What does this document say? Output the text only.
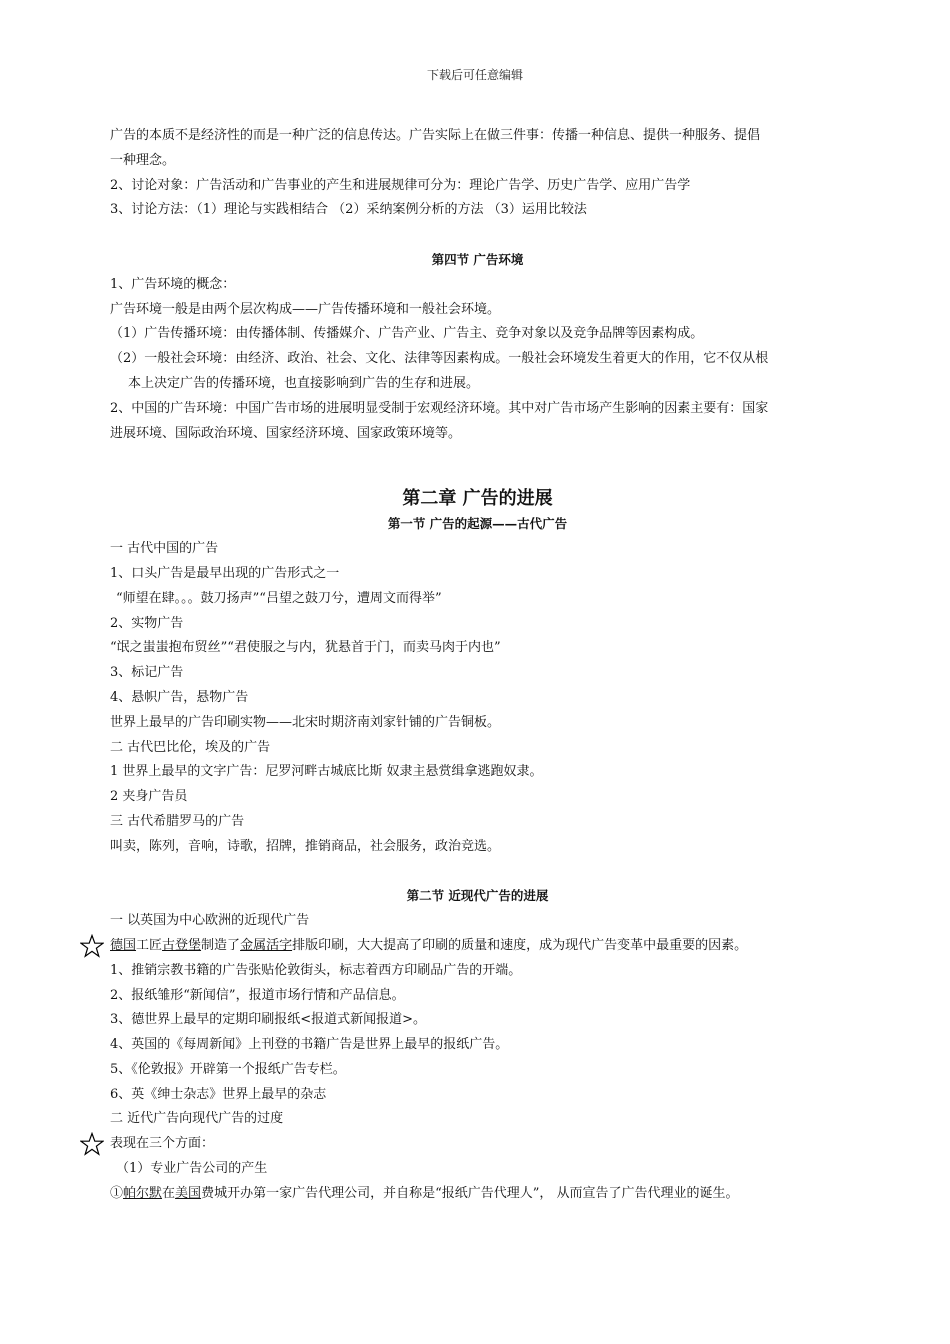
下载后可任意编辑

广告的本质不是经济性的而是一种广泛的信息传达。广告实际上在做三件事：传播一种信息、提供一种服务、提倡

一种理念。

2、讨论对象：广告活动和广告事业的产生和进展规律可分为：理论广告学、历史广告学、应用广告学

3、讨论方法：（1）理论与实践相结合 （2）采纳案例分析的方法 （3）运用比较法

第四节 广告环境

1、广告环境的概念：

广告环境一般是由两个层次构成——广告传播环境和一般社会环境。

（1）广告传播环境：由传播体制、传播媒介、广告产业、广告主、竞争对象以及竞争品牌等因素构成。

（2）一般社会环境：由经济、政治、社会、文化、法律等因素构成。一般社会环境发生着更大的作用，它不仅从根

本上决定广告的传播环境，也直接影响到广告的生存和进展。

2、中国的广告环境：中国广告市场的进展明显受制于宏观经济环境。其中对广告市场产生影响的因素主要有：国家

进展环境、国际政治环境、国家经济环境、国家政策环境等。

第二章 广告的进展

第一节 广告的起源——古代广告

一 古代中国的广告

1、口头广告是最早出现的广告形式之一

“师望在肆。。。鼓刀扬声”“吕望之鼓刀兮，遭周文而得举”

2、实物广告

“氓之蚩蚩抱布贸丝”“君使服之与内，犹悬首于门，而卖马肉于内也”

3、标记广告

4、悬帜广告，悬物广告

世界上最早的广告印刷实物——北宋时期济南刘家针铺的广告铜板。

二 古代巴比伦，埃及的广告

1 世界上最早的文字广告：尼罗河畔古城底比斯 奴隶主悬赏缉拿逃跑奴隶。

2 夹身广告员

三 古代希腊罗马的广告

叫卖，陈列，音响，诗歌，招牌，推销商品，社会服务，政治竞选。

第二节 近现代广告的进展

一 以英国为中心欧洲的近现代广告

德国工匠古登堡制造了金属活字排版印刷，大大提高了印刷的质量和速度，成为现代广告变革中最重要的因素。

1、推销宗教书籍的广告张贴伦敦街头，标志着西方印刷品广告的开端。

2、报纸雏形“新闻信”，报道市场行情和产品信息。

3、德世界上最早的定期印刷报纸<报道式新闻报道>。

4、英国的《每周新闻》上刊登的书籍广告是世界上最早的报纸广告。

5、《伦敦报》开辟第一个报纸广告专栏。

6、英《绅士杂志》世界上最早的杂志

二 近代广告向现代广告的过度

表现在三个方面：

（1）专业广告公司的产生

①帕尔默在美国费城开办第一家广告代理公司，并自称是“报纸广告代理人”， 从而宣告了广告代理业的诞生。
